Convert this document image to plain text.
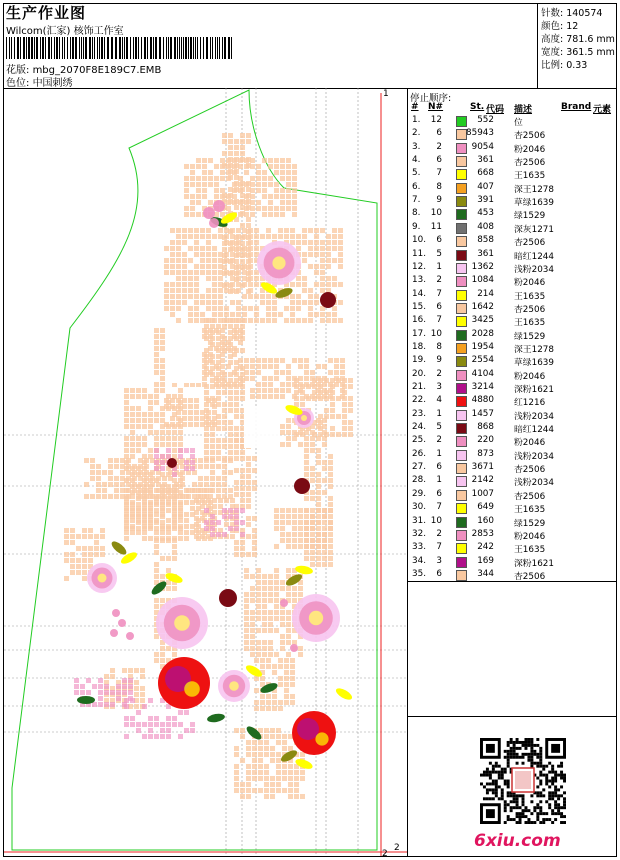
生产作业图
Wilcom(汇家) 核饰工作室
花版: mbg_2070F8E189C7.EMB
色位: 中国刺绣
针数: 140574
颜色: 12
高度: 781.6 mm
宽度: 361.5 mm
比例: 0.33
停止顺序:
# N#	St. 代码 描述	Brand 元素
1.	12	552 位
2.	6	85943 杏2506
3.	2	9054 粉2046
4.	6	361 杏2506
5.	7	668 王1635
6.	8	407 深王1278
7.	9	391 草绿1639
8.	10	453 绿1529
9.	11	408 深灰1271
10.	6	858 杏2506
11.	5	361 暗红1244
12.	1	1362 浅粉2034
13.	2	1084 粉2046
14.	7	214 王1635
15.	6	1642 杏2506
16.	7	3425 王1635
17. 10	2028 绿1529
18.	8	1954 深王1278
19.	9	2554 草绿1639
20.	2	4104 粉2046
21.	3	3214 深粉1621
22.	4	4880 红1216
23.	1	1457 浅粉2034
24.	5	868 暗红1244
25.	2	220 粉2046
26.	1	873 浅粉2034
27.	6	3671 杏2506
28.	1	2142 浅粉2034
29.	6	1007 杏2506
30.	7	649 王1635
31. 10	160 绿1529
32.	2	2853 粉2046
33.	7	242 王1635
34.	3	169 深粉1621
35.	6	344 杏2506
6xiu.com
1
2
2
